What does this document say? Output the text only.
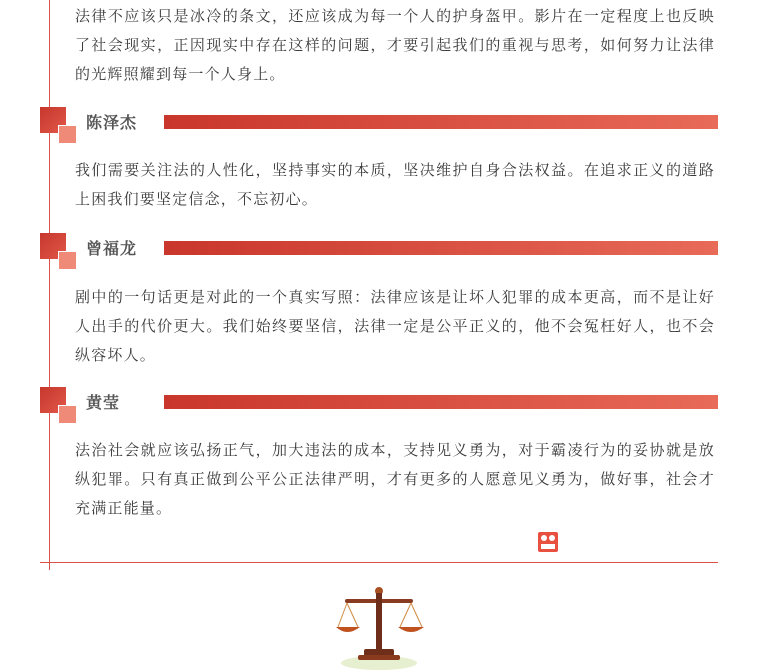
法律不应该只是冰冷的条文，还应该成为每一个人的护身盔甲。影片在一定程度上也反映了社会现实，正因现实中存在这样的问题，才要引起我们的重视与思考，如何努力让法律的光辉照耀到每一个人身上。

陈泽杰

我们需要关注法的人性化，坚持事实的本质，坚决维护自身合法权益。在追求正义的道路上困我们要坚定信念，不忘初心。

曾福龙

剧中的一句话更是对此的一个真实写照：法律应该是让坏人犯罪的成本更高，而不是让好人出手的代价更大。我们始终要坚信，法律一定是公平正义的，他不会冤枉好人，也不会纵容坏人。

黄莹

法治社会就应该弘扬正气，加大违法的成本，支持见义勇为，对于霸凌行为的妥协就是放纵犯罪。只有真正做到公平公正法律严明，才有更多的人愿意见义勇为，做好事，社会才充满正能量。
